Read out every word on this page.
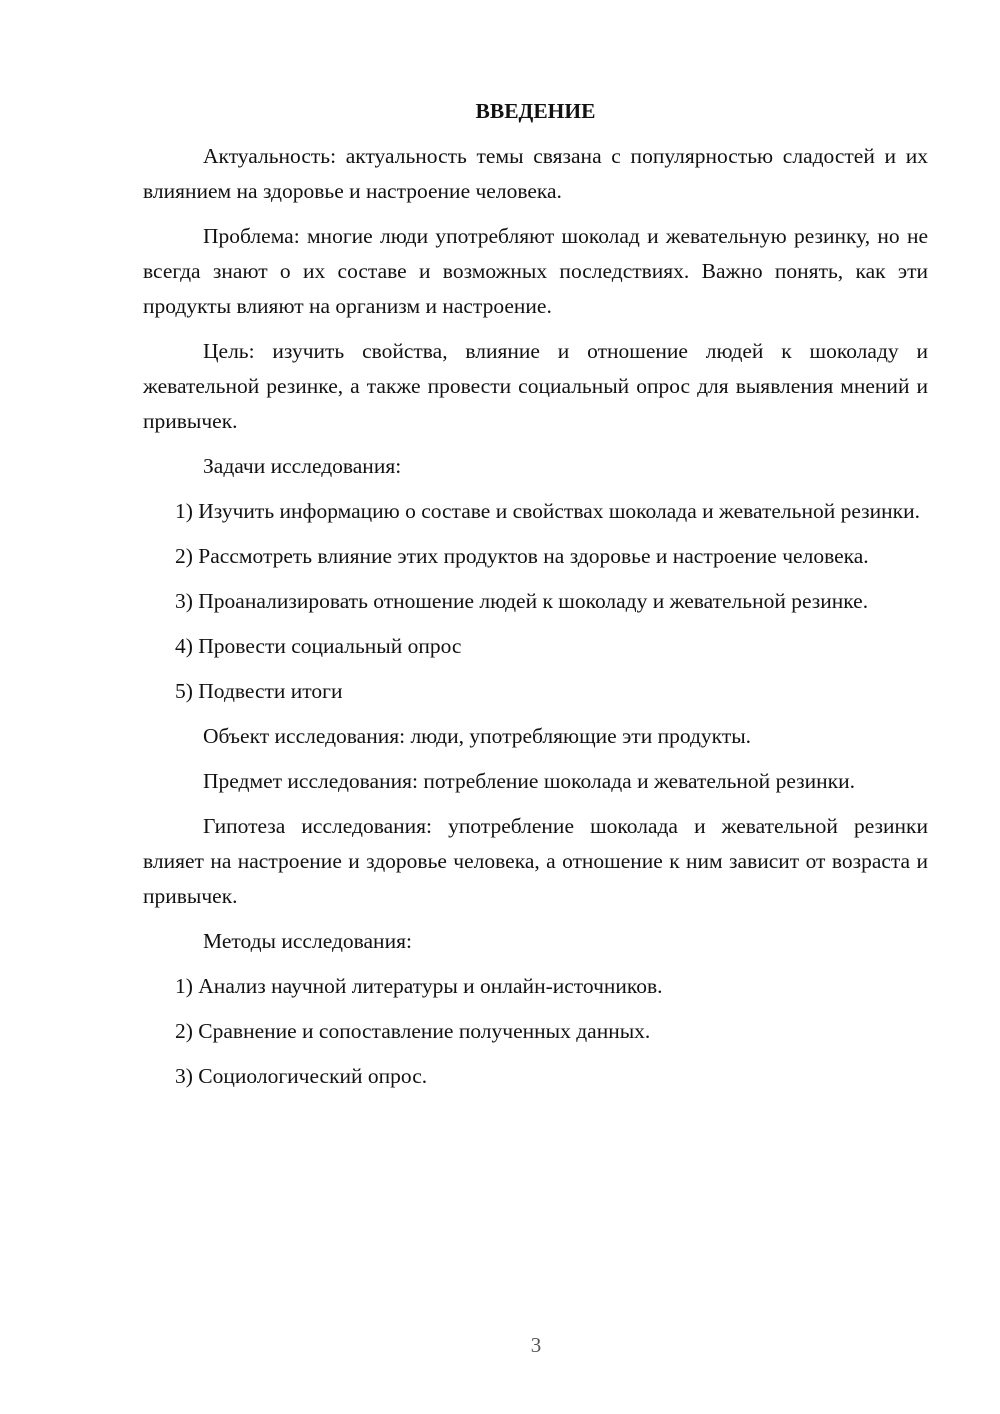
ВВЕДЕНИЕ

Актуальность: актуальность темы связана с популярностью сладостей и их влиянием на здоровье и настроение человека.

Проблема: многие люди употребляют шоколад и жевательную резинку, но не всегда знают о их составе и возможных последствиях. Важно понять, как эти продукты влияют на организм и настроение.

Цель: изучить свойства, влияние и отношение людей к шоколаду и жевательной резинке, а также провести социальный опрос для выявления мнений и привычек.

Задачи исследования:

1) Изучить информацию о составе и свойствах шоколада и жевательной резинки.

2) Рассмотреть влияние этих продуктов на здоровье и настроение человека.

3) Проанализировать отношение людей к шоколаду и жевательной резинке.

4) Провести социальный опрос

5) Подвести итоги

Объект исследования: люди, употребляющие эти продукты.

Предмет исследования: потребление шоколада и жевательной резинки.

Гипотеза исследования: употребление шоколада и жевательной резинки влияет на настроение и здоровье человека, а отношение к ним зависит от возраста и привычек.

Методы исследования:

1) Анализ научной литературы и онлайн-источников.

2) Сравнение и сопоставление полученных данных.

3) Социологический опрос.

3
